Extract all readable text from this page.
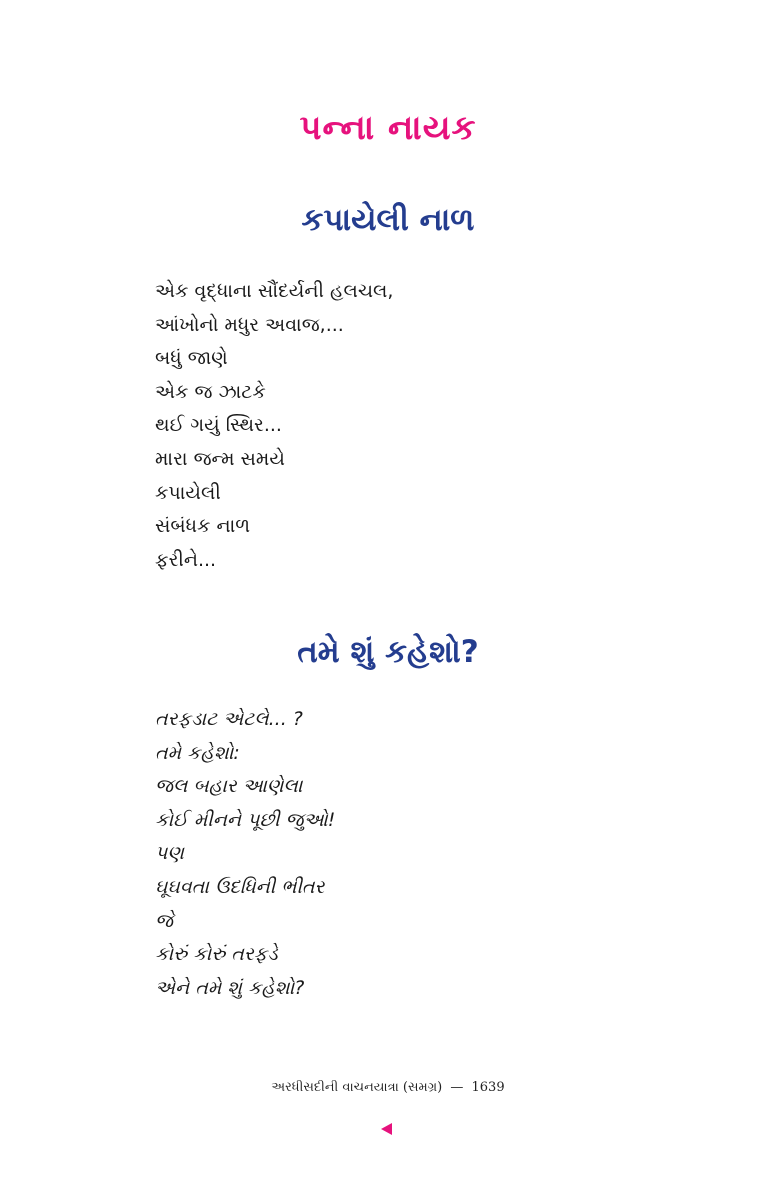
પન્ના નાયક
કપાયેલી નાળ
એક વૃદ્ધાના સૌંદર્યની હલચલ,
આંખોનો મધુર અવાજ,...
બધું જાણે
એક જ ઝાટકે
થઈ ગયું સ્થિર...
મારા જન્મ સમયે
કપાયેલી
સંબંધક નાળ
ફરીને...
તમે શું કહેશો?
તરફડાટ એટલે... ?
તમે કહેશો:
જલ બહાર આણેલા
કોઈ મીનને પૂછી જુઓ!
પણ
ઘૂઘવતા ઉદધિની ભીતર
જે
કોરું કોરું તરફડે
એને તમે શું કહેશો?
અરધીસદીની વાચનયાત્રા (સમગ્ર) — 1639
